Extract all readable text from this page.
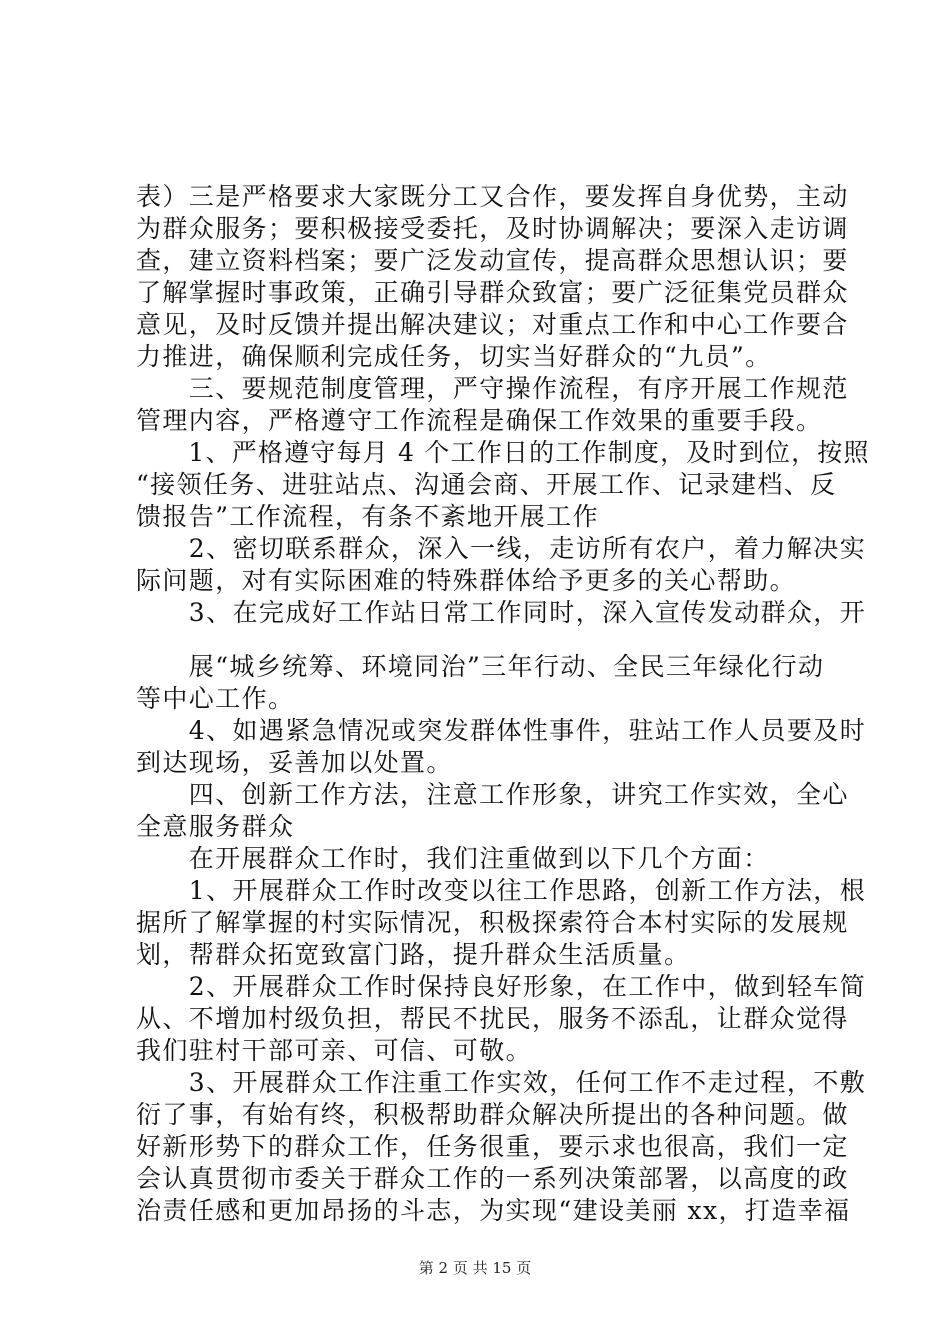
表）三是严格要求大家既分工又合作，要发挥自身优势，主动
为群众服务；要积极接受委托，及时协调解决；要深入走访调
查，建立资料档案；要广泛发动宣传，提高群众思想认识；要
了解掌握时事政策，正确引导群众致富；要广泛征集党员群众
意见，及时反馈并提出解决建议；对重点工作和中心工作要合
力推进，确保顺利完成任务，切实当好群众的“九员”。
　　三、要规范制度管理，严守操作流程，有序开展工作规范
管理内容，严格遵守工作流程是确保工作效果的重要手段。
　　1、严格遵守每月 4 个工作日的工作制度，及时到位，按照
“接领任务、进驻站点、沟通会商、开展工作、记录建档、反
馈报告”工作流程，有条不紊地开展工作
　　2、密切联系群众，深入一线，走访所有农户，着力解决实
际问题，对有实际困难的特殊群体给予更多的关心帮助。
　　3、在完成好工作站日常工作同时，深入宣传发动群众，开
　　展“城乡统筹、环境同治”三年行动、全民三年绿化行动
等中心工作。
　　4、如遇紧急情况或突发群体性事件，驻站工作人员要及时
到达现场，妥善加以处置。
　　四、创新工作方法，注意工作形象，讲究工作实效，全心
全意服务群众
　　在开展群众工作时，我们注重做到以下几个方面：
　　1、开展群众工作时改变以往工作思路，创新工作方法，根
据所了解掌握的村实际情况，积极探索符合本村实际的发展规
划，帮群众拓宽致富门路，提升群众生活质量。
　　2、开展群众工作时保持良好形象，在工作中，做到轻车简
从、不增加村级负担，帮民不扰民，服务不添乱，让群众觉得
我们驻村干部可亲、可信、可敬。
　　3、开展群众工作注重工作实效，任何工作不走过程，不敷
衍了事，有始有终，积极帮助群众解决所提出的各种问题。做
好新形势下的群众工作，任务很重，要示求也很高，我们一定
会认真贯彻市委关于群众工作的一系列决策部署，以高度的政
治责任感和更加昂扬的斗志，为实现“建设美丽 xx，打造幸福
第 2 页 共 15 页
